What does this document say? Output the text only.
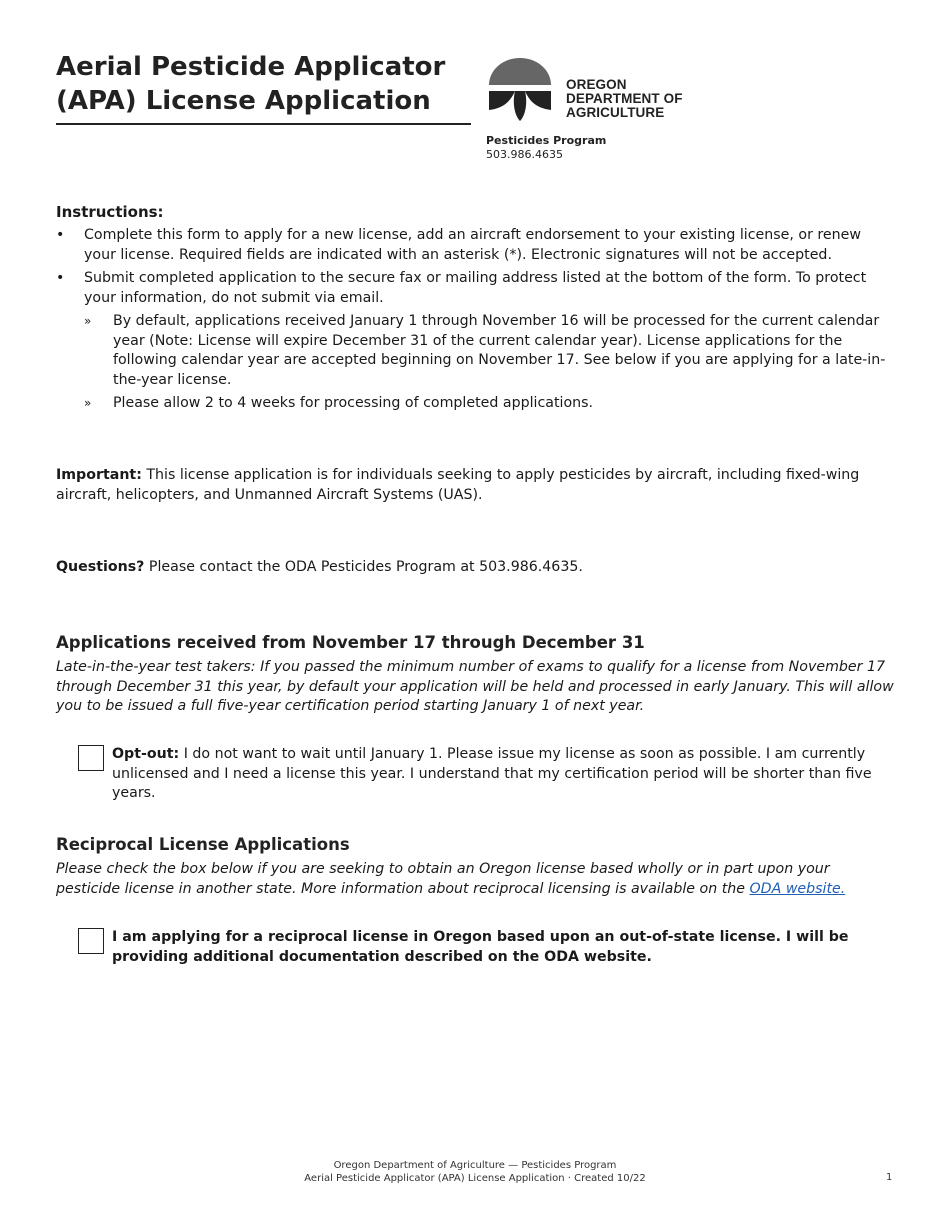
Aerial Pesticide Applicator
(APA) License Application
OREGON
DEPARTMENT OF
AGRICULTURE
Pesticides Program
503.986.4635
Instructions:
• Complete this form to apply for a new license, add an aircraft endorsement to your existing license, or renew your license. Required fields are indicated with an asterisk (*). Electronic signatures will not be accepted.
• Submit completed application to the secure fax or mailing address listed at the bottom of the form. To protect your information, do not submit via email.
» By default, applications received January 1 through November 16 will be processed for the current calendar year (Note: License will expire December 31 of the current calendar year). License applications for the following calendar year are accepted beginning on November 17. See below if you are applying for a late-in-the-year license.
» Please allow 2 to 4 weeks for processing of completed applications.

Important: This license application is for individuals seeking to apply pesticides by aircraft, including fixed-wing aircraft, helicopters, and Unmanned Aircraft Systems (UAS).

Questions? Please contact the ODA Pesticides Program at 503.986.4635.

Applications received from November 17 through December 31

Late-in-the-year test takers: If you passed the minimum number of exams to qualify for a license from November 17 through December 31 this year, by default your application will be held and processed in early January. This will allow you to be issued a full five-year certification period starting January 1 of next year.

Opt-out: I do not want to wait until January 1. Please issue my license as soon as possible. I am currently unlicensed and I need a license this year. I understand that my certification period will be shorter than five years.

Reciprocal License Applications

Please check the box below if you are seeking to obtain an Oregon license based wholly or in part upon your pesticide license in another state. More information about reciprocal licensing is available on the ODA website.

I am applying for a reciprocal license in Oregon based upon an out-of-state license. I will be providing additional documentation described on the ODA website.

Oregon Department of Agriculture — Pesticides Program
Aerial Pesticide Applicator (APA) License Application · Created 10/22	1
